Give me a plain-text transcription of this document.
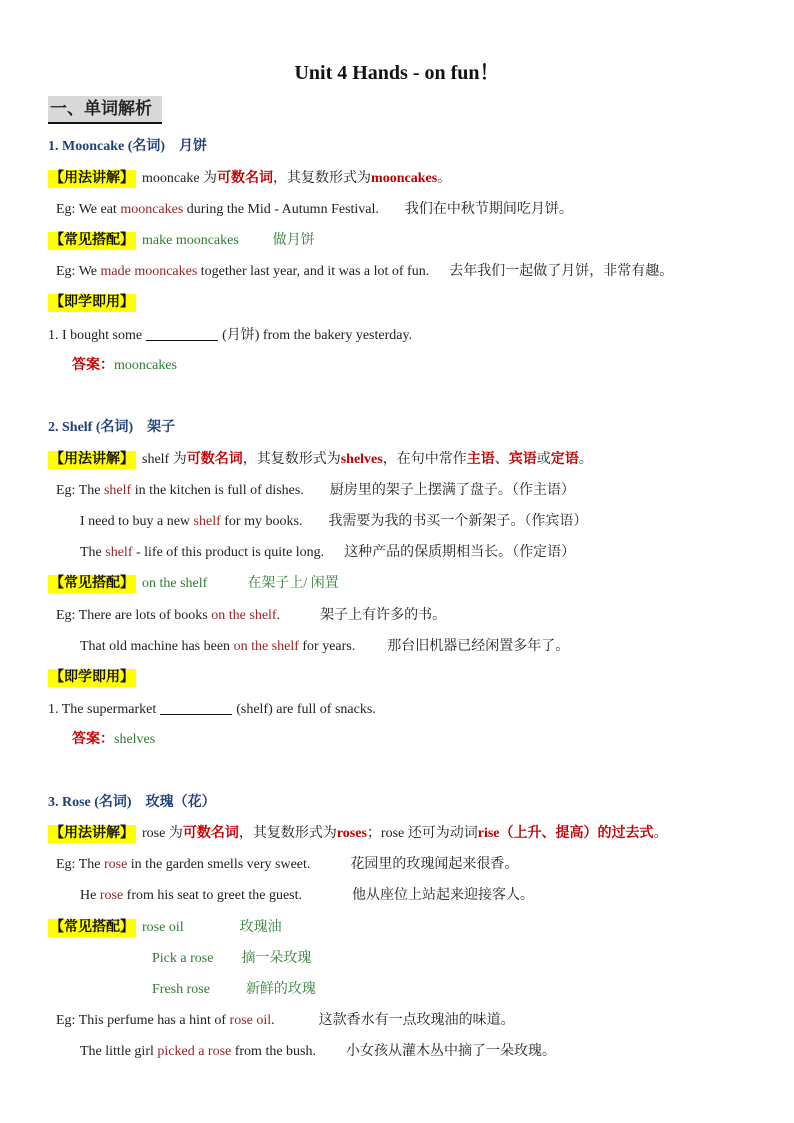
Unit 4 Hands - on fun！
一、单词解析
1. Mooncake (名词) 月饼
【用法讲解】 mooncake 为可数名词，其复数形式为mooncakes。
Eg: We eat mooncakes during the Mid - Autumn Festival. 我们在中秋节期间吃月饼。
【常见搭配】 make mooncakes 做月饼
Eg: We made mooncakes together last year, and it was a lot of fun. 去年我们一起做了月饼，非常有趣。
【即学即用】
1. I bought some	(月饼) from the bakery yesterday.
答案：mooncakes
2. Shelf (名词) 架子
【用法讲解】 shelf 为可数名词，其复数形式为shelves，在句中常作主语、宾语或定语。
Eg: The shelf in the kitchen is full of dishes. 厨房里的架子上摆满了盘子。（作主语）
I need to buy a new shelf for my books. 我需要为我的书买一个新架子。（作宾语）
The shelf - life of this product is quite long. 这种产品的保质期相当长。（作定语）
【常见搭配】 on the shelf	在架子上/ 闲置
Eg: There are lots of books on the shelf.	架子上有许多的书。
That old machine has been on the shelf for years. 那台旧机器已经闲置多年了。
【即学即用】
1. The supermarket	(shelf) are full of snacks.
答案：shelves
3. Rose (名词) 玫瑰（花）
【用法讲解】 rose 为可数名词，其复数形式为roses；rose 还可为动词rise（上升、提高）的过去式。
Eg: The rose in the garden smells very sweet.	花园里的玫瑰闻起来很香。
He rose from his seat to greet the guest.	他从座位上站起来迎接客人。
【常见搭配】 rose oil	玫瑰油
Pick a rose 摘一朵玫瑰
Fresh rose	新鲜的玫瑰
Eg: This perfume has a hint of rose oil.	这款香水有一点玫瑰油的味道。
The little girl picked a rose from the bush. 小女孩从灌木丛中摘了一朵玫瑰。
